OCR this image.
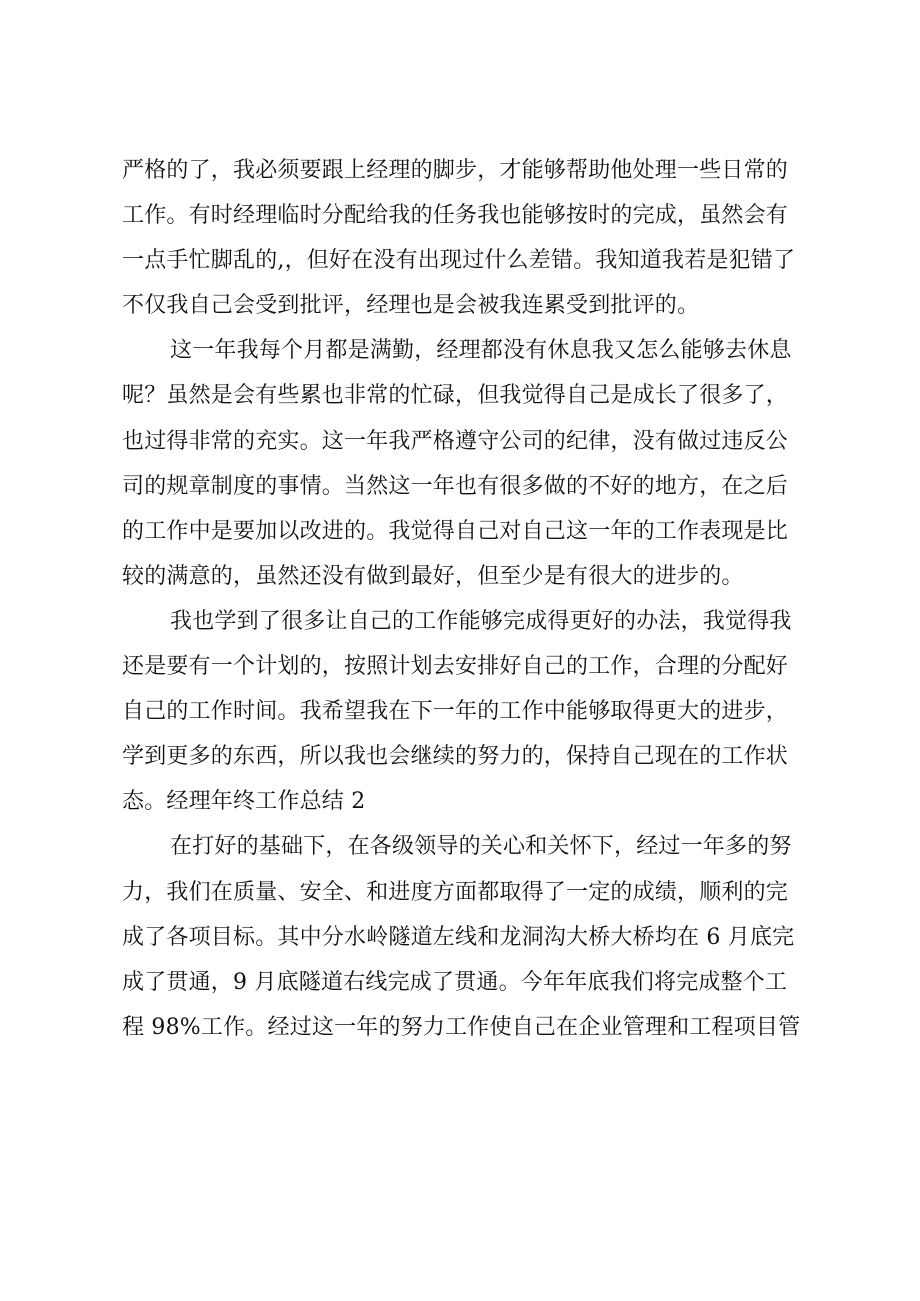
严格的了，我必须要跟上经理的脚步，才能够帮助他处理一些日常的
工作。有时经理临时分配给我的任务我也能够按时的完成，虽然会有
一点手忙脚乱的,，但好在没有出现过什么差错。我知道我若是犯错了
不仅我自己会受到批评，经理也是会被我连累受到批评的。
这一年我每个月都是满勤，经理都没有休息我又怎么能够去休息
呢？虽然是会有些累也非常的忙碌，但我觉得自己是成长了很多了，
也过得非常的充实。这一年我严格遵守公司的纪律，没有做过违反公
司的规章制度的事情。当然这一年也有很多做的不好的地方，在之后
的工作中是要加以改进的。我觉得自己对自己这一年的工作表现是比
较的满意的，虽然还没有做到最好，但至少是有很大的进步的。
我也学到了很多让自己的工作能够完成得更好的办法，我觉得我
还是要有一个计划的，按照计划去安排好自己的工作，合理的分配好
自己的工作时间。我希望我在下一年的工作中能够取得更大的进步，
学到更多的东西，所以我也会继续的努力的，保持自己现在的工作状
态。经理年终工作总结 2
在打好的基础下，在各级领导的关心和关怀下，经过一年多的努
力，我们在质量、安全、和进度方面都取得了一定的成绩，顺利的完
成了各项目标。其中分水岭隧道左线和龙洞沟大桥大桥均在 6 月底完
成了贯通，9 月底隧道右线完成了贯通。今年年底我们将完成整个工
程 98%工作。经过这一年的努力工作使自己在企业管理和工程项目管
